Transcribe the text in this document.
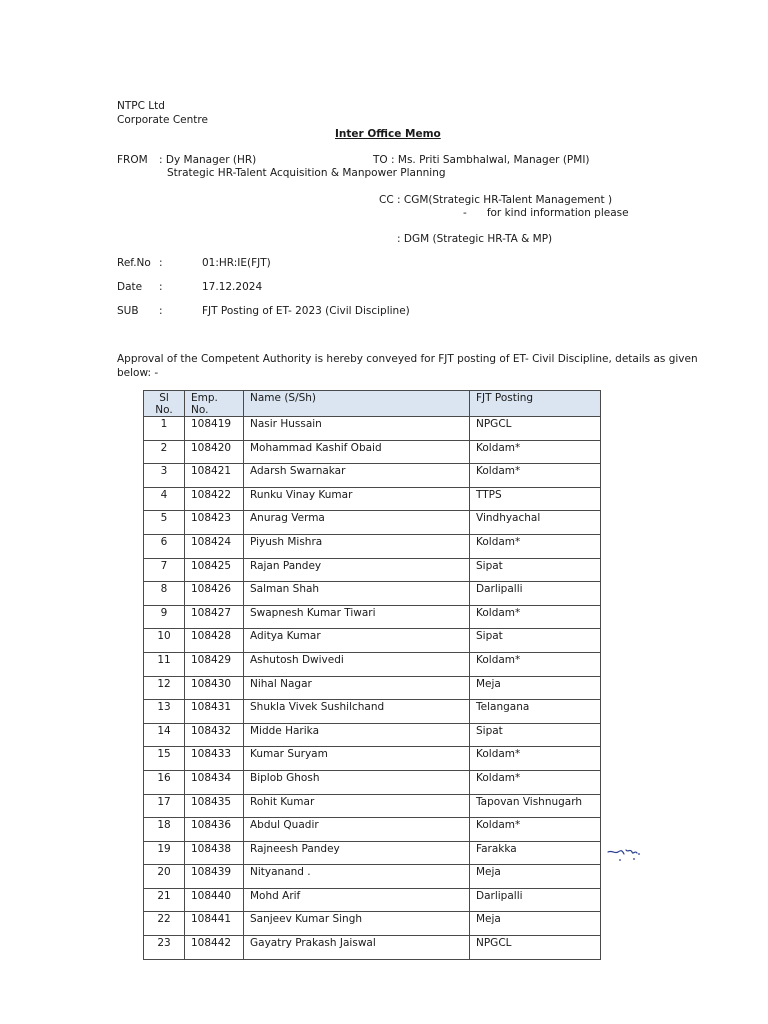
NTPC Ltd
Corporate Centre
Inter Office Memo
FROM : Dy Manager (HR)	TO : Ms. Priti Sambhalwal, Manager (PMI)
Strategic HR-Talent Acquisition & Manpower Planning
CC : CGM(Strategic HR-Talent Management )
-      for kind information please
: DGM (Strategic HR-TA & MP)
Ref.No :	01:HR:IE(FJT)
Date :	17.12.2024
SUB :	FJT Posting of ET- 2023 (Civil Discipline)
Approval of the Competent Authority is hereby conveyed for FJT posting of ET- Civil Discipline, details as given
below: -
Sl No.	Emp. No.	Name (S/Sh)	FJT Posting
1	108419	Nasir Hussain	NPGCL
2	108420	Mohammad Kashif Obaid	Koldam*
3	108421	Adarsh Swarnakar	Koldam*
4	108422	Runku Vinay Kumar	TTPS
5	108423	Anurag Verma	Vindhyachal
6	108424	Piyush Mishra	Koldam*
7	108425	Rajan Pandey	Sipat
8	108426	Salman Shah	Darlipalli
9	108427	Swapnesh Kumar Tiwari	Koldam*
10	108428	Aditya Kumar	Sipat
11	108429	Ashutosh Dwivedi	Koldam*
12	108430	Nihal Nagar	Meja
13	108431	Shukla Vivek Sushilchand	Telangana
14	108432	Midde Harika	Sipat
15	108433	Kumar Suryam	Koldam*
16	108434	Biplob Ghosh	Koldam*
17	108435	Rohit Kumar	Tapovan Vishnugarh
18	108436	Abdul Quadir	Koldam*
19	108438	Rajneesh Pandey	Farakka
20	108439	Nityanand .	Meja
21	108440	Mohd Arif	Darlipalli
22	108441	Sanjeev Kumar Singh	Meja
23	108442	Gayatry Prakash Jaiswal	NPGCL
